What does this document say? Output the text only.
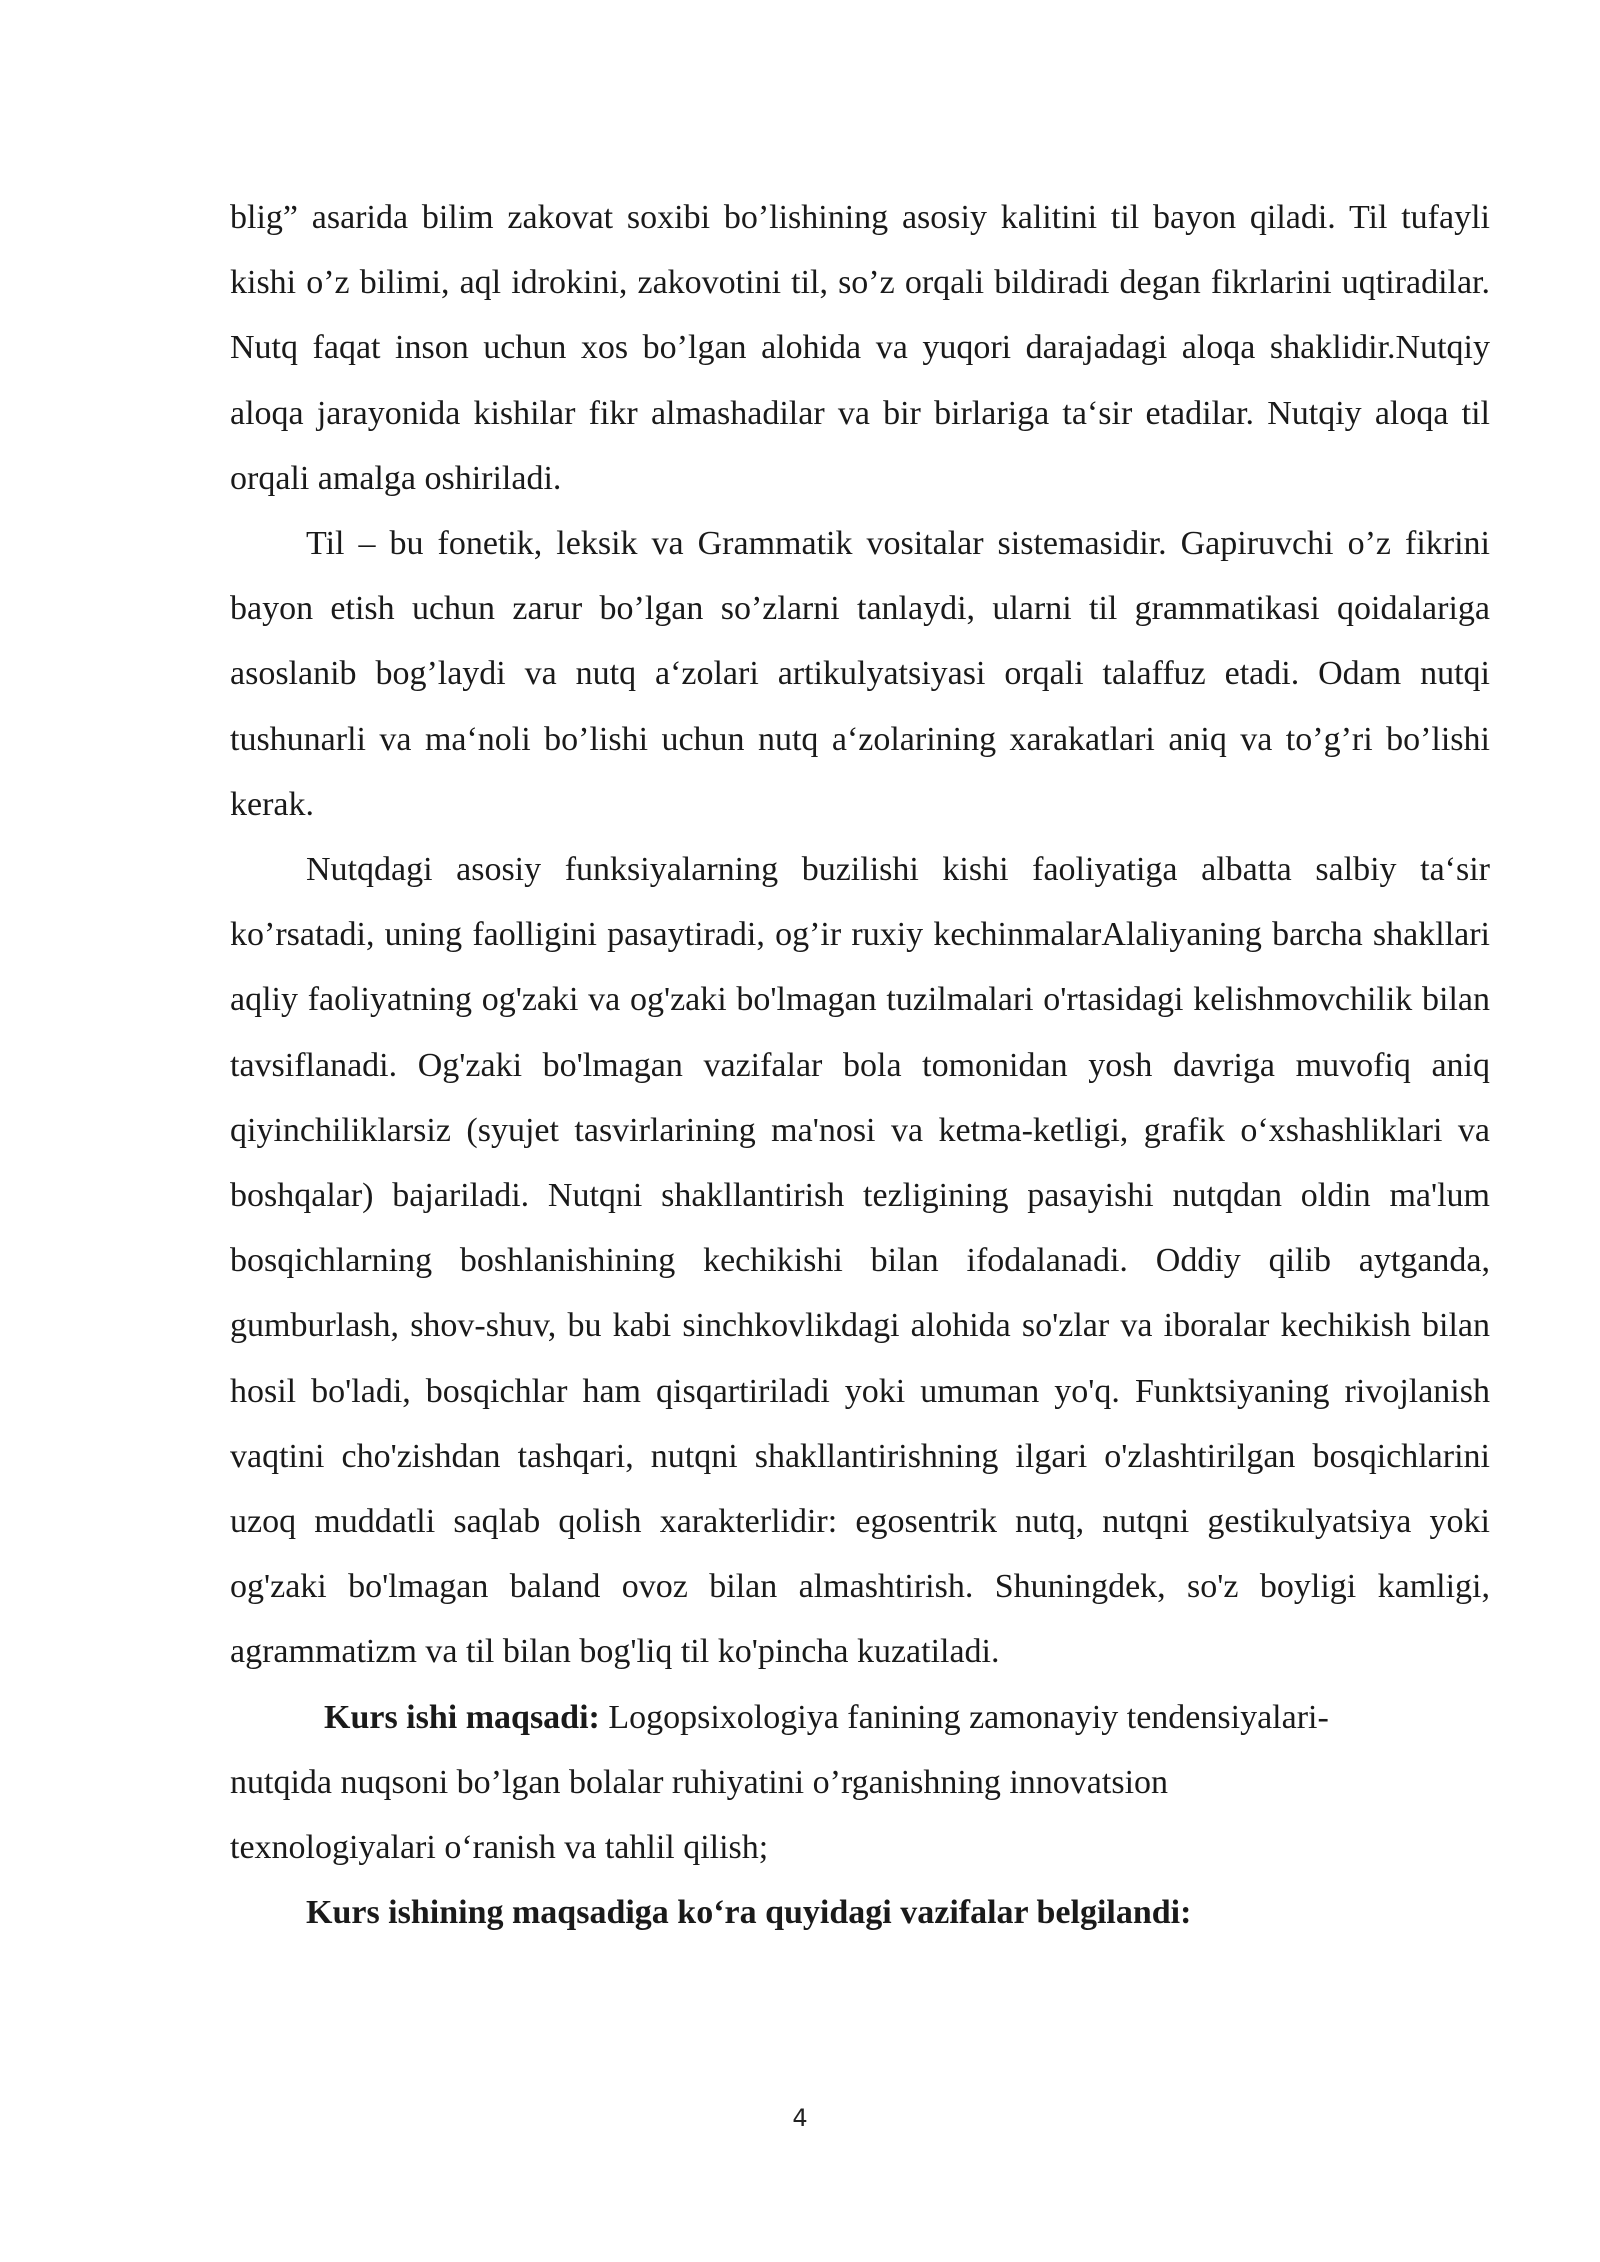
blig” asarida bilim zakovat soxibi bo’lishining asosiy kalitini til bayon qiladi. Til tufayli kishi o’z bilimi, aql idrokini, zakovotini til, so’z orqali bildiradi degan fikrlarini uqtiradilar. Nutq faqat inson uchun xos bo’lgan alohida va yuqori darajadagi aloqa shaklidir.Nutqiy aloqa jarayonida kishilar fikr almashadilar va bir birlariga ta‘sir etadilar. Nutqiy aloqa til orqali amalga oshiriladi.

Til – bu fonetik, leksik va Grammatik vositalar sistemasidir. Gapiruvchi o’z fikrini bayon etish uchun zarur bo’lgan so’zlarni tanlaydi, ularni til grammatikasi qoidalariga asoslanib bog’laydi va nutq a‘zolari artikulyatsiyasi orqali talaffuz etadi. Odam nutqi tushunarli va ma‘noli bo’lishi uchun nutq a‘zolarining xarakatlari aniq va to’g’ri bo’lishi kerak.

Nutqdagi asosiy funksiyalarning buzilishi kishi faoliyatiga albatta salbiy ta‘sir ko’rsatadi, uning faolligini pasaytiradi, og’ir ruxiy kechinmalarAlaliyaning barcha shakllari aqliy faoliyatning og'zaki va og'zaki bo'lmagan tuzilmalari o'rtasidagi kelishmovchilik bilan tavsiflanadi. Og'zaki bo'lmagan vazifalar bola tomonidan yosh davriga muvofiq aniq qiyinchiliklarsiz (syujet tasvirlarining ma'nosi va ketma-ketligi, grafik o‘xshashliklari va boshqalar) bajariladi. Nutqni shakllantirish tezligining pasayishi nutqdan oldin ma'lum bosqichlarning boshlanishining kechikishi bilan ifodalanadi. Oddiy qilib aytganda, gumburlash, shov-shuv, bu kabi sinchkovlikdagi alohida so'zlar va iboralar kechikish bilan hosil bo'ladi, bosqichlar ham qisqartiriladi yoki umuman yo'q. Funktsiyaning rivojlanish vaqtini cho'zishdan tashqari, nutqni shakllantirishning ilgari o'zlashtirilgan bosqichlarini uzoq muddatli saqlab qolish xarakterlidir: egosentrik nutq, nutqni gestikulyatsiya yoki og'zaki bo'lmagan baland ovoz bilan almashtirish. Shuningdek, so'z boyligi kamligi, agrammatizm va til bilan bog'liq til ko'pincha kuzatiladi.

Kurs ishi maqsadi: Logopsixologiya fanining zamonayiy tendensiyalari-
nutqida nuqsoni bo’lgan bolalar ruhiyatini o’rganishning innovatsion
texnologiyalari o‘ranish va tahlil qilish;

Kurs ishining maqsadiga ko‘ra quyidagi vazifalar belgilandi:

4
